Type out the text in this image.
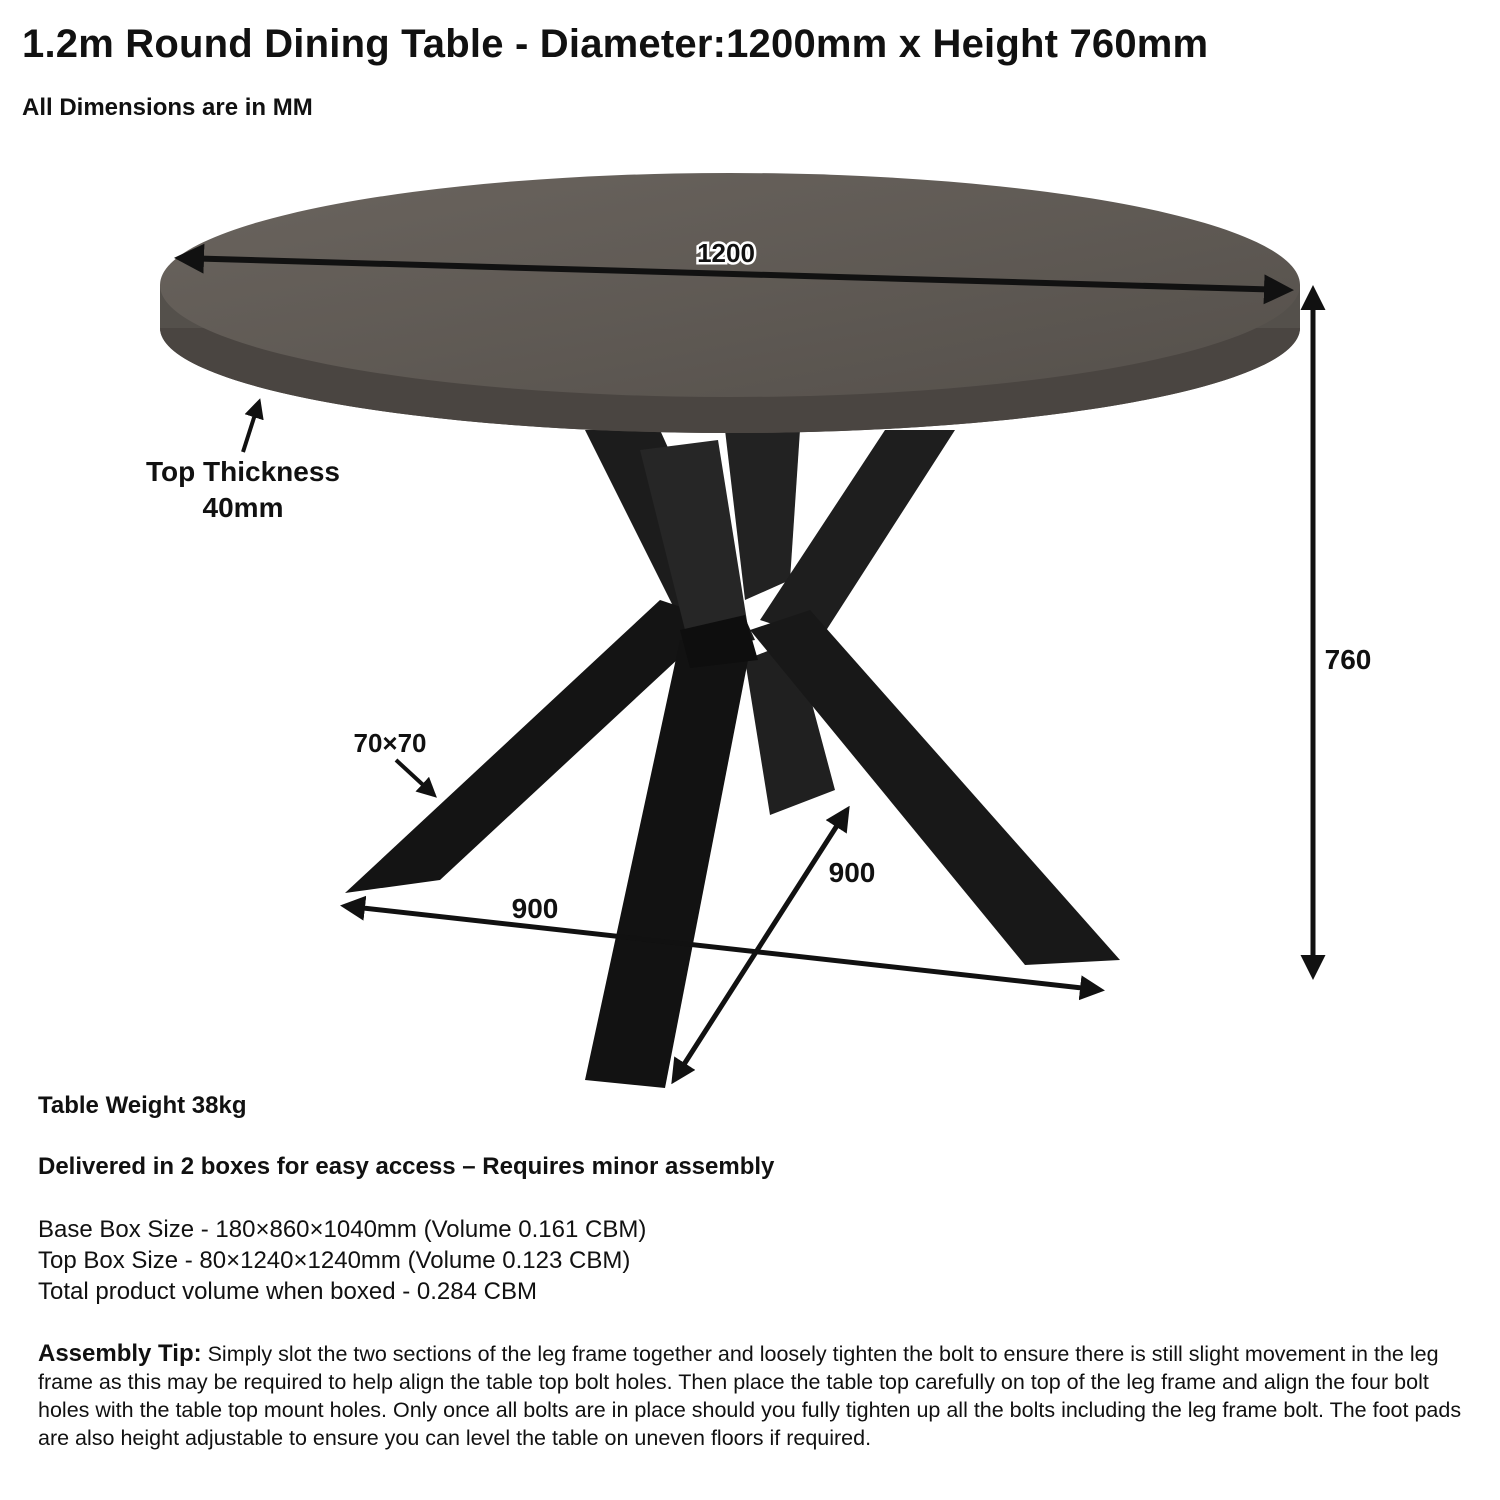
1.2m Round Dining Table - Diameter:1200mm x Height 760mm

All Dimensions are in MM

1200
760
Top Thickness
40mm
70×70
900
900

Table Weight 38kg

Delivered in 2 boxes for easy access – Requires minor assembly

Base Box Size - 180×860×1040mm (Volume 0.161 CBM)
Top Box Size - 80×1240×1240mm (Volume 0.123 CBM)
Total product volume when boxed - 0.284 CBM
Assembly Tip: Simply slot the two sections of the leg frame together and loosely tighten the bolt to ensure there is still slight movement in the leg frame as this may be required to help align the table top bolt holes. Then place the table top carefully on top of the leg frame and align the four bolt holes with the table top mount holes. Only once all bolts are in place should you fully tighten up all the bolts including the leg frame bolt. The foot pads are also height adjustable to ensure you can level the table on uneven floors if required.
